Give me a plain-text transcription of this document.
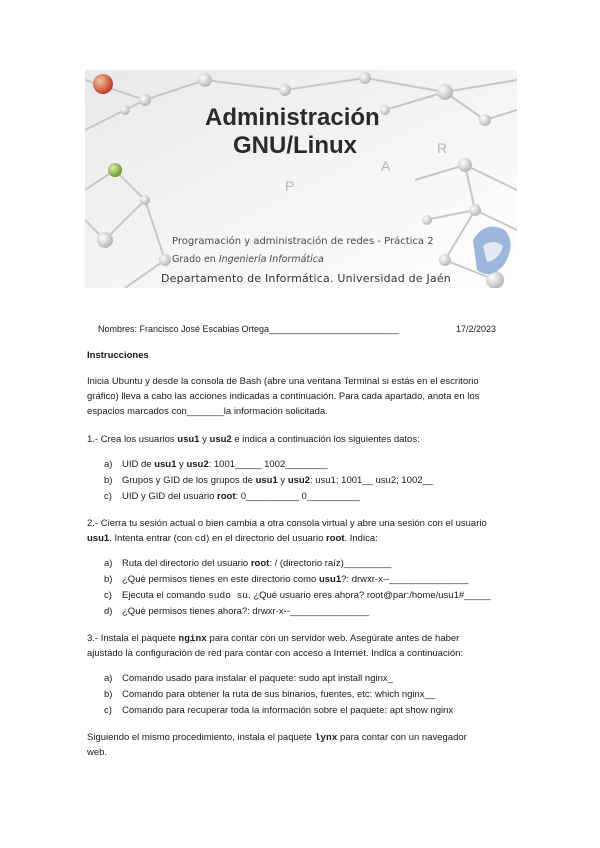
R
A
P
Administración
GNU/Linux
Programación y administración de redes - Práctica 2
Grado en Ingeniería Informática
Departamento de Informática. Universidad de Jaén
Nombres: Francisco José Escabias Ortega__________________________	17/2/2023
Instrucciones
Inicia Ubuntu y desde la consola de Bash (abre una ventana Terminal si estás en el escritorio
gráfico) lleva a cabo las acciones indicadas a continuación. Para cada apartado, anota en los
espacios marcados con_______la información solicitada.
1.- Crea los usuarios usu1 y usu2 e indica a continuación los siguientes datos:
a) UID de usu1 y usu2: 1001_____ 1002________
b) Grupos y GID de los grupos de usu1 y usu2: usu1; 1001__ usu2; 1002__
c) UID y GID del usuario root: 0__________ 0__________
2.- Cierra tu sesión actual o bien cambia a otra consola virtual y abre una sesión con el usuario
usu1. Intenta entrar (con cd) en el directorio del usuario root. Indica:
a) Ruta del directorio del usuario root: / (directorio raíz)_________
b) ¿Qué permisos tienes en este directorio como usu1?: drwxr-x--_______________
c) Ejecuta el comando sudo su. ¿Qué usuario eres ahora? root@par:/home/usu1#_____
d) ¿Qué permisos tienes ahora?: drwxr-x--_______________
3.- Instala el paquete nginx para contar con un servidor web. Asegúrate antes de haber
ajustado la configuración de red para contar con acceso a Internet. Indica a continuación:
a) Comando usado para instalar el paquete: sudo apt install nginx_
b) Comando para obtener la ruta de sus binarios, fuentes, etc: which nginx__
c) Comando para recuperar toda la información sobre el paquete: apt show nginx
Siguiendo el mismo procedimiento, instala el paquete lynx para contar con un navegador
web.
